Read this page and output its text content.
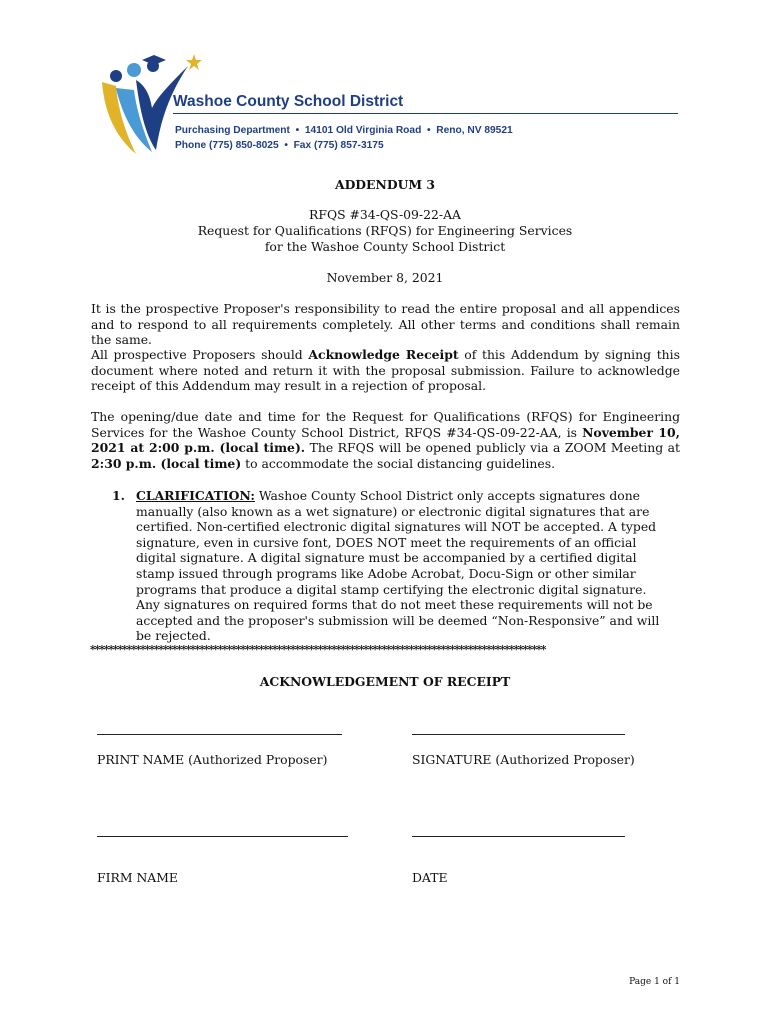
Washoe County School District
Purchasing Department • 14101 Old Virginia Road • Reno, NV 89521
Phone (775) 850-8025 • Fax (775) 857-3175
ADDENDUM 3
RFQS #34-QS-09-22-AA
Request for Qualifications (RFQS) for Engineering Services
for the Washoe County School District
November 8, 2021
It is the prospective Proposer's responsibility to read the entire proposal and all appendices and to respond to all requirements completely. All other terms and conditions shall remain the same.
All prospective Proposers should Acknowledge Receipt of this Addendum by signing this document where noted and return it with the proposal submission. Failure to acknowledge receipt of this Addendum may result in a rejection of proposal.
The opening/due date and time for the Request for Qualifications (RFQS) for Engineering Services for the Washoe County School District, RFQS #34-QS-09-22-AA, is November 10, 2021 at 2:00 p.m. (local time). The RFQS will be opened publicly via a ZOOM Meeting at 2:30 p.m. (local time) to accommodate the social distancing guidelines.
1. CLARIFICATION: Washoe County School District only accepts signatures done manually (also known as a wet signature) or electronic digital signatures that are certified. Non-certified electronic digital signatures will NOT be accepted. A typed signature, even in cursive font, DOES NOT meet the requirements of an official digital signature. A digital signature must be accompanied by a certified digital stamp issued through programs like Adobe Acrobat, Docu-Sign or other similar programs that produce a digital stamp certifying the electronic digital signature. Any signatures on required forms that do not meet these requirements will not be accepted and the proposer's submission will be deemed “Non-Responsive” and will be rejected.
****************************************************************************************************
ACKNOWLEDGEMENT OF RECEIPT
PRINT NAME (Authorized Proposer)	SIGNATURE (Authorized Proposer)
FIRM NAME	DATE
Page 1 of 1
